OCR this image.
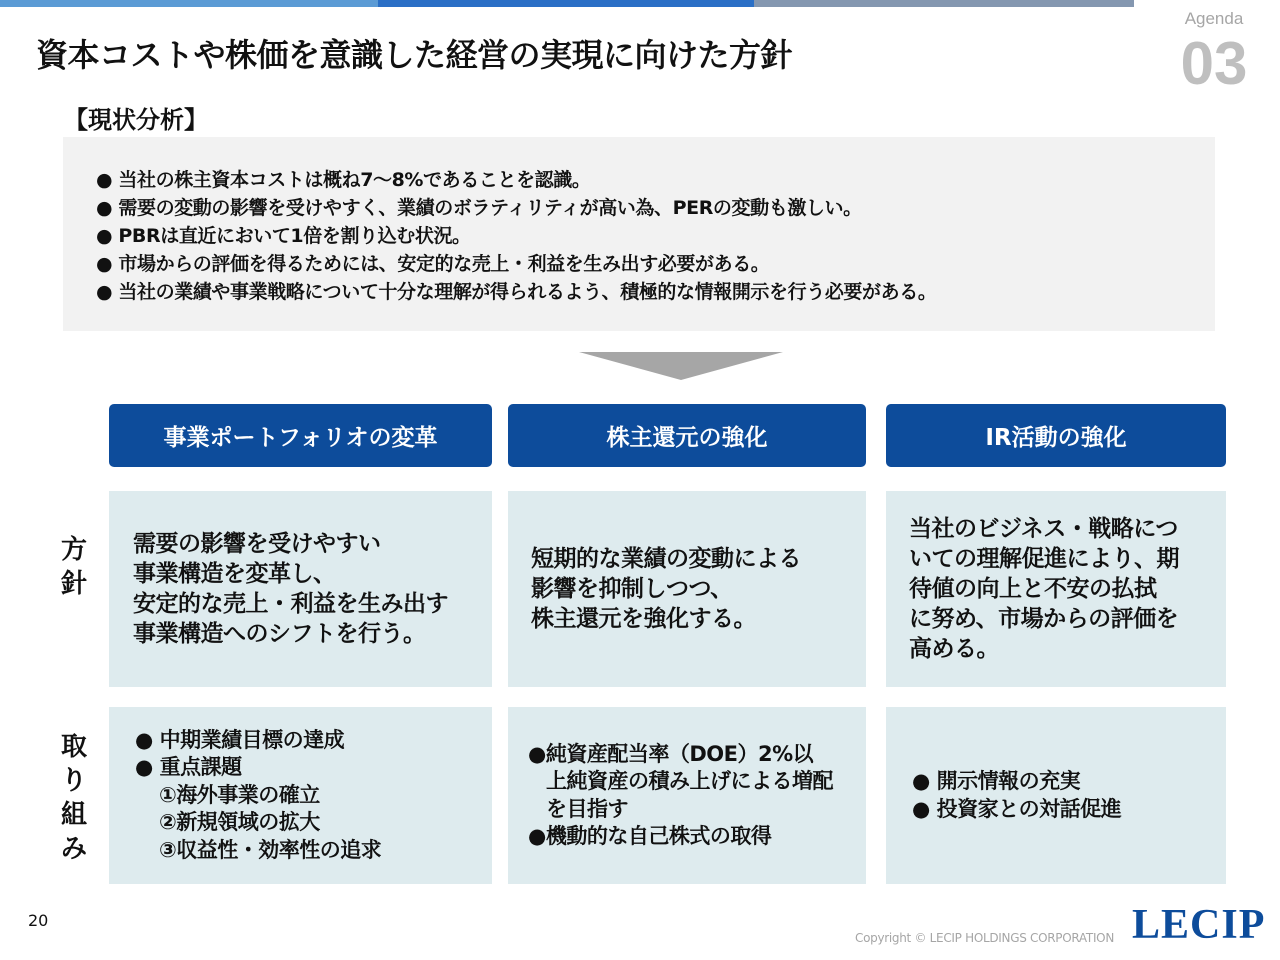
資本コストや株価を意識した経営の実現に向けた方針
Agenda
03
【現状分析】
● 当社の株主資本コストは概ね7～8%であることを認識。
● 需要の変動の影響を受けやすく、業績のボラティリティが高い為、PERの変動も激しい。
● PBRは直近において1倍を割り込む状況。
● 市場からの評価を得るためには、安定的な売上・利益を生み出す必要がある。
● 当社の業績や事業戦略について十分な理解が得られるよう、積極的な情報開示を行う必要がある。
事業ポートフォリオの変革	株主還元の強化	IR活動の強化
方
針
取
り
組
み
需要の影響を受けやすい
事業構造を変革し、
安定的な売上・利益を生み出す
事業構造へのシフトを行う。
短期的な業績の変動による
影響を抑制しつつ、
株主還元を強化する。
当社のビジネス・戦略につ
いての理解促進により、期
待値の向上と不安の払拭
に努め、市場からの評価を
高める。
● 中期業績目標の達成
● 重点課題
①海外事業の確立
②新規領域の拡大
③収益性・効率性の追求
●純資産配当率（DOE）2%以
上純資産の積み上げによる増配
を目指す
●機動的な自己株式の取得
● 開示情報の充実
● 投資家との対話促進
20
Copyright © LECIP HOLDINGS CORPORATION LECIP
